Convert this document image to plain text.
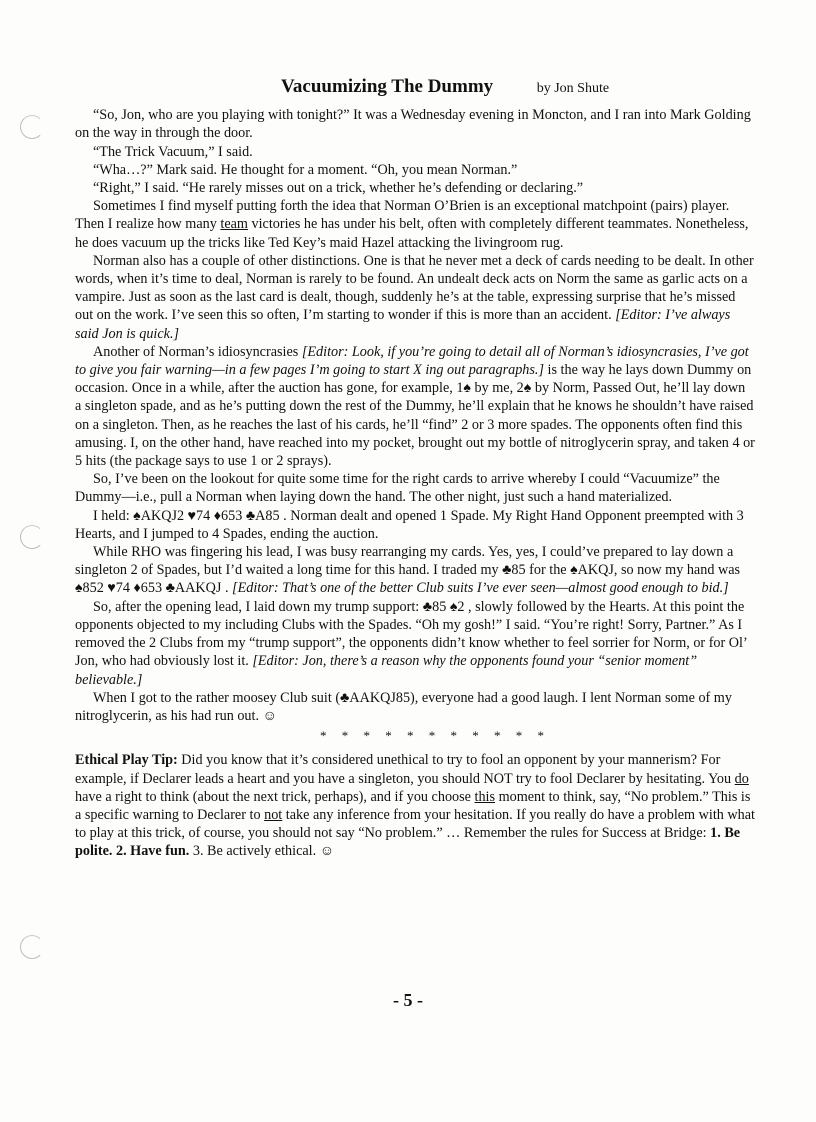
Vacuumizing The Dummy	by Jon Shute

“So, Jon, who are you playing with tonight?” It was a Wednesday evening in Moncton, and I ran into Mark Golding on the way in through the door.

“The Trick Vacuum,” I said.

“Wha…?” Mark said. He thought for a moment. “Oh, you mean Norman.”

“Right,” I said. “He rarely misses out on a trick, whether he’s defending or declaring.”

Sometimes I find myself putting forth the idea that Norman O’Brien is an exceptional matchpoint (pairs) player. Then I realize how many team victories he has under his belt, often with completely different teammates. Nonetheless, he does vacuum up the tricks like Ted Key’s maid Hazel attacking the livingroom rug.

Norman also has a couple of other distinctions. One is that he never met a deck of cards needing to be dealt. In other words, when it’s time to deal, Norman is rarely to be found. An undealt deck acts on Norm the same as garlic acts on a vampire. Just as soon as the last card is dealt, though, suddenly he’s at the table, expressing surprise that he’s missed out on the work. I’ve seen this so often, I’m starting to wonder if this is more than an accident. [Editor: I’ve always said Jon is quick.]

Another of Norman’s idiosyncrasies [Editor: Look, if you’re going to detail all of Norman’s idiosyncrasies, I’ve got to give you fair warning—in a few pages I’m going to start X ing out paragraphs.] is the way he lays down Dummy on occasion. Once in a while, after the auction has gone, for example, 1♠ by me, 2♠ by Norm, Passed Out, he’ll lay down a singleton spade, and as he’s putting down the rest of the Dummy, he’ll explain that he knows he shouldn’t have raised on a singleton. Then, as he reaches the last of his cards, he’ll “find” 2 or 3 more spades. The opponents often find this amusing. I, on the other hand, have reached into my pocket, brought out my bottle of nitroglycerin spray, and taken 4 or 5 hits (the package says to use 1 or 2 sprays).

So, I’ve been on the lookout for quite some time for the right cards to arrive whereby I could “Vacuumize” the Dummy—i.e., pull a Norman when laying down the hand. The other night, just such a hand materialized.

I held: ♠AKQJ2 ♥74 ♦653 ♣A85 . Norman dealt and opened 1 Spade. My Right Hand Opponent preempted with 3 Hearts, and I jumped to 4 Spades, ending the auction.

While RHO was fingering his lead, I was busy rearranging my cards. Yes, yes, I could’ve prepared to lay down a singleton 2 of Spades, but I’d waited a long time for this hand. I traded my ♣85 for the ♠AKQJ, so now my hand was ♠852 ♥74 ♦653 ♣AAKQJ . [Editor: That’s one of the better Club suits I’ve ever seen—almost good enough to bid.]

So, after the opening lead, I laid down my trump support: ♣85 ♠2 , slowly followed by the Hearts. At this point the opponents objected to my including Clubs with the Spades. “Oh my gosh!” I said. “You’re right! Sorry, Partner.” As I removed the 2 Clubs from my “trump support”, the opponents didn’t know whether to feel sorrier for Norm, or for Ol’ Jon, who had obviously lost it. [Editor: Jon, there’s a reason why the opponents found your “senior moment” believable.]

When I got to the rather moosey Club suit (♣AAKQJ85), everyone had a good laugh. I lent Norman some of my nitroglycerin, as his had run out. ☺

* * * * * * * * * * *

Ethical Play Tip: Did you know that it’s considered unethical to try to fool an opponent by your mannerism? For example, if Declarer leads a heart and you have a singleton, you should NOT try to fool Declarer by hesitating. You do have a right to think (about the next trick, perhaps), and if you choose this moment to think, say, “No problem.” This is a specific warning to Declarer to not take any inference from your hesitation. If you really do have a problem with what to play at this trick, of course, you should not say “No problem.” … Remember the rules for Success at Bridge: 1. Be polite. 2. Have fun. 3. Be actively ethical. ☺

- 5 -
